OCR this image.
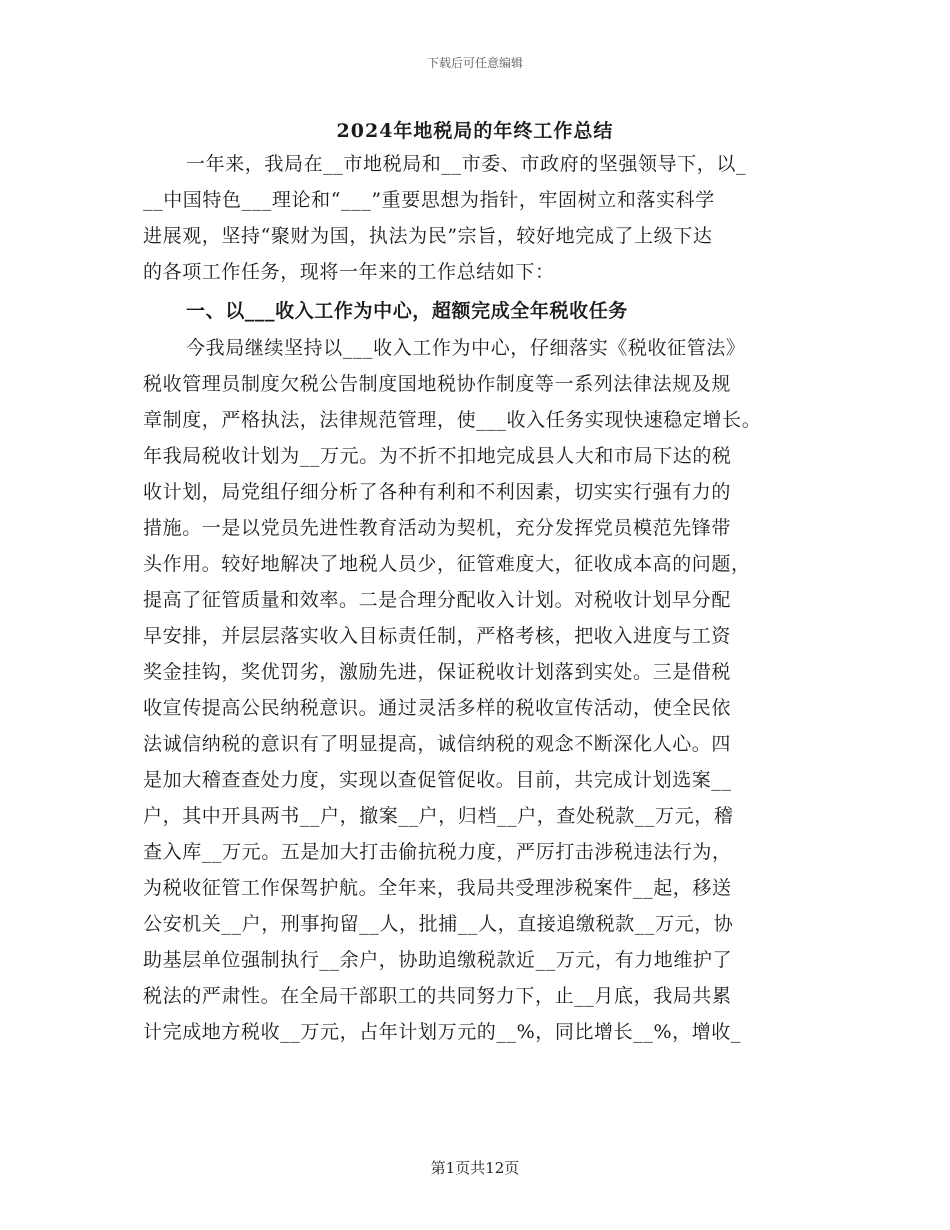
下载后可任意编辑
2024年地税局的年终工作总结
一年来，我局在__市地税局和__市委、市政府的坚强领导下，以_
__中国特色___理论和“___”重要思想为指针，牢固树立和落实科学
进展观，坚持“聚财为国，执法为民”宗旨，较好地完成了上级下达
的各项工作任务，现将一年来的工作总结如下：
一、以___收入工作为中心，超额完成全年税收任务
今我局继续坚持以___收入工作为中心，仔细落实《税收征管法》
税收管理员制度欠税公告制度国地税协作制度等一系列法律法规及规
章制度，严格执法，法律规范管理，使___收入任务实现快速稳定增长。
年我局税收计划为__万元。为不折不扣地完成县人大和市局下达的税
收计划，局党组仔细分析了各种有利和不利因素，切实实行强有力的
措施。一是以党员先进性教育活动为契机，充分发挥党员模范先锋带
头作用。较好地解决了地税人员少，征管难度大，征收成本高的问题，
提高了征管质量和效率。二是合理分配收入计划。对税收计划早分配
早安排，并层层落实收入目标责任制，严格考核，把收入进度与工资
奖金挂钩，奖优罚劣，激励先进，保证税收计划落到实处。三是借税
收宣传提高公民纳税意识。通过灵活多样的税收宣传活动，使全民依
法诚信纳税的意识有了明显提高，诚信纳税的观念不断深化人心。四
是加大稽查查处力度，实现以查促管促收。目前，共完成计划选案__
户，其中开具两书__户，撤案__户，归档__户，查处税款__万元，稽
查入库__万元。五是加大打击偷抗税力度，严厉打击涉税违法行为，
为税收征管工作保驾护航。全年来，我局共受理涉税案件__起，移送
公安机关__户，刑事拘留__人，批捕__人，直接追缴税款__万元，协
助基层单位强制执行__余户，协助追缴税款近__万元，有力地维护了
税法的严肃性。在全局干部职工的共同努力下，止__月底，我局共累
计完成地方税收__万元，占年计划万元的__%，同比增长__%，增收_
第1页共12页
